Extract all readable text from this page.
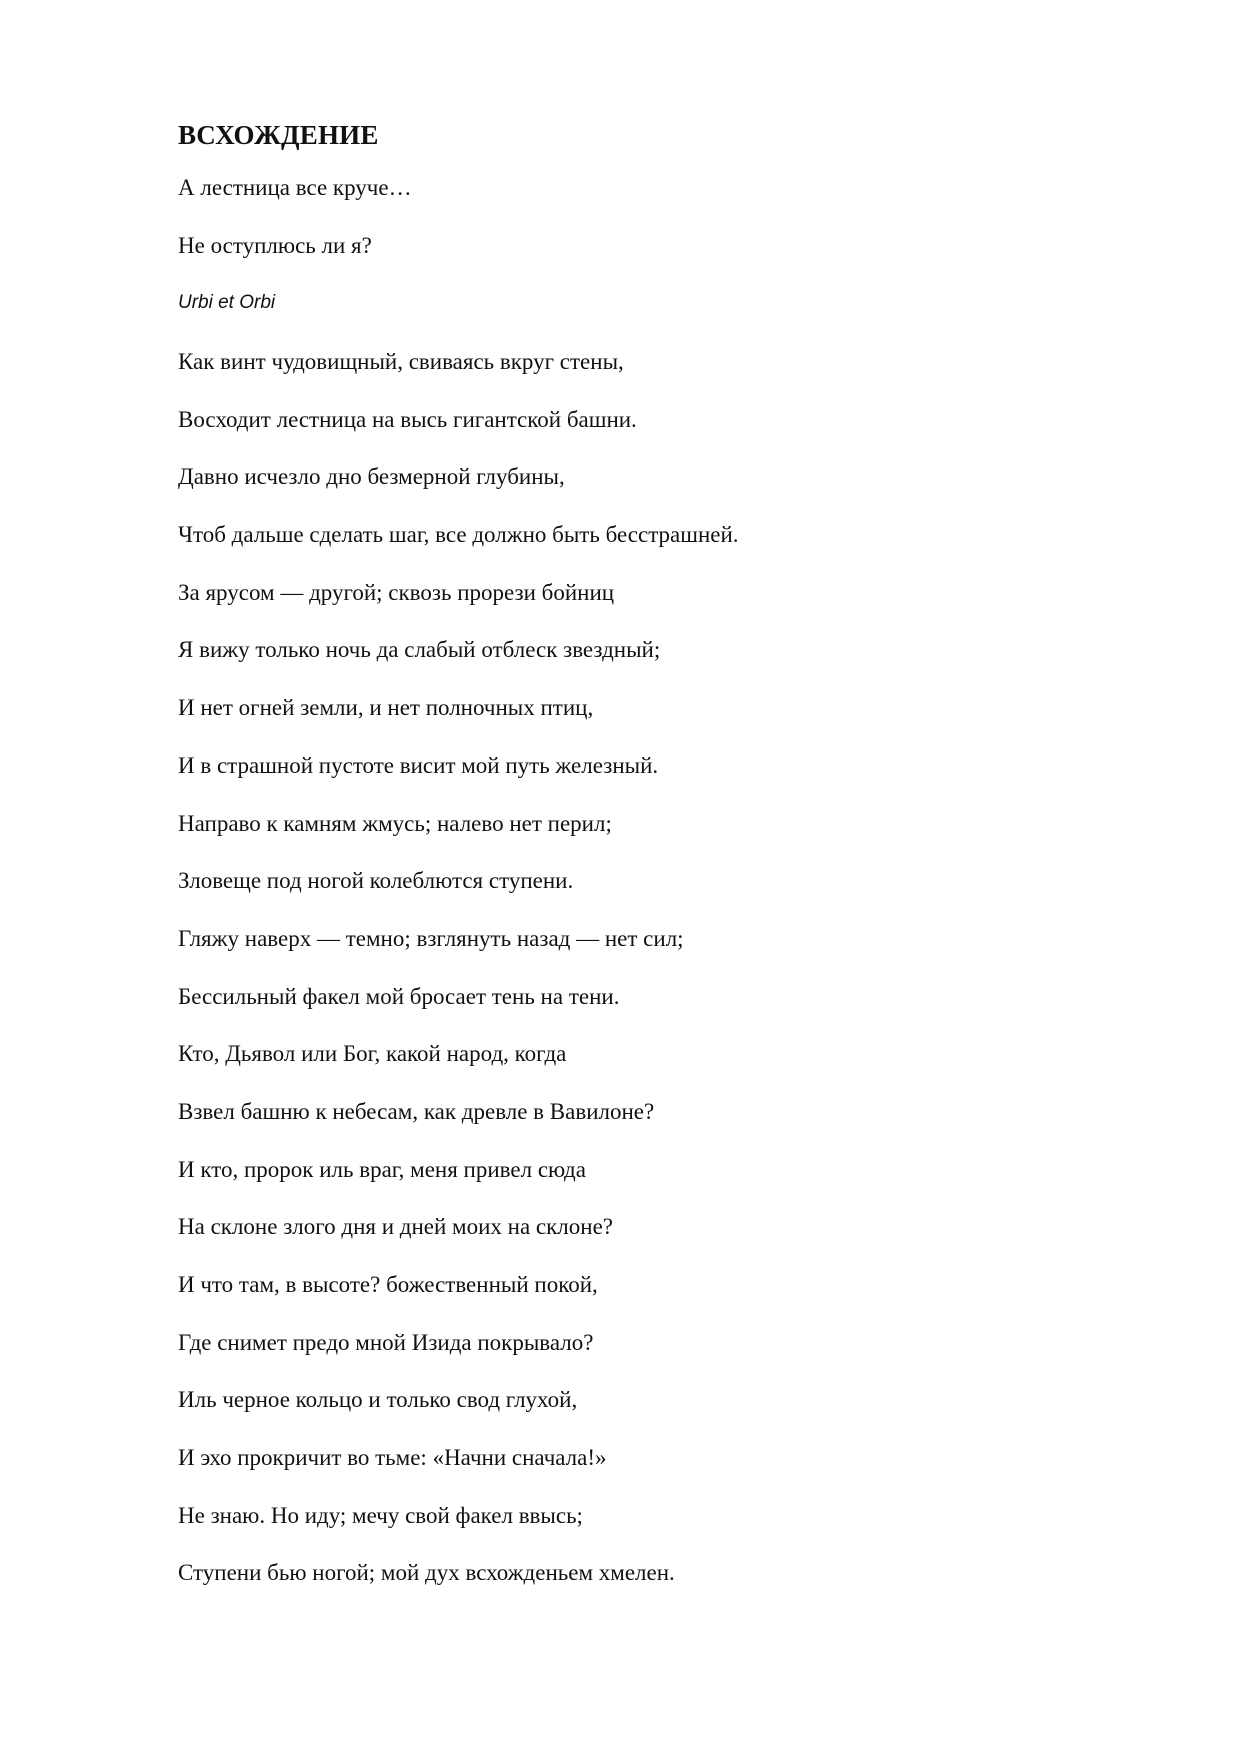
ВСХОЖДЕНИЕ

А лестница все круче…

Не оступлюсь ли я?

Urbi et Orbi

Как винт чудовищный, свиваясь вкруг стены,

Восходит лестница на высь гигантской башни.

Давно исчезло дно безмерной глубины,

Чтоб дальше сделать шаг, все должно быть бесстрашней.

За ярусом — другой; сквозь прорези бойниц

Я вижу только ночь да слабый отблеск звездный;

И нет огней земли, и нет полночных птиц,

И в страшной пустоте висит мой путь железный.

Направо к камням жмусь; налево нет перил;

Зловеще под ногой колеблются ступени.

Гляжу наверх — темно; взглянуть назад — нет сил;

Бессильный факел мой бросает тень на тени.

Кто, Дьявол или Бог, какой народ, когда

Взвел башню к небесам, как древле в Вавилоне?

И кто, пророк иль враг, меня привел сюда

На склоне злого дня и дней моих на склоне?

И что там, в высоте? божественный покой,

Где снимет предо мной Изида покрывало?

Иль черное кольцо и только свод глухой,

И эхо прокричит во тьме: «Начни сначала!»

Не знаю. Но иду; мечу свой факел ввысь;

Ступени бью ногой; мой дух всхожденьем хмелен.
